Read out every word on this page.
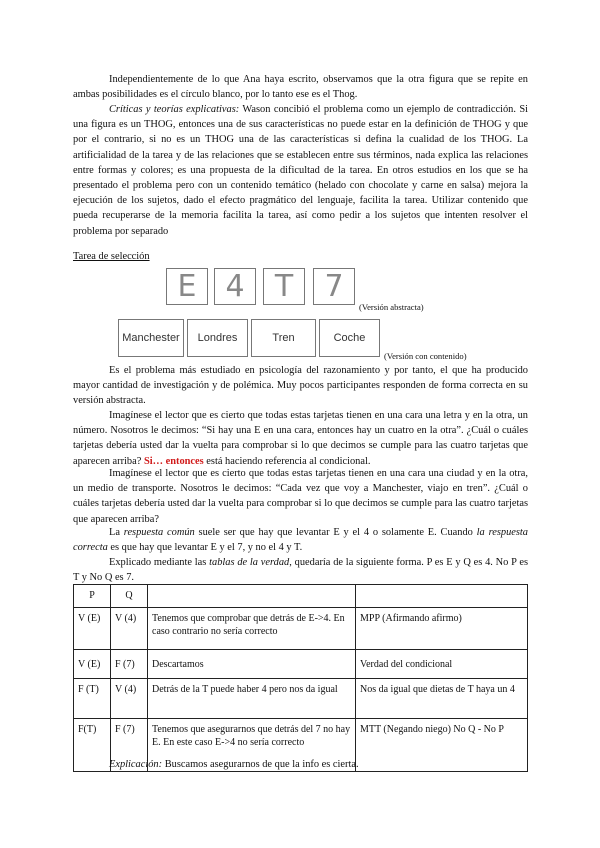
Independientemente de lo que Ana haya escrito, observamos que la otra figura que se repite en ambas posibilidades es el círculo blanco, por lo tanto ese es el Thog.

Críticas y teorías explicativas: Wason concibió el problema como un ejemplo de contradicción. Si una figura es un THOG, entonces una de sus características no puede estar en la definición de THOG y que por el contrario, si no es un THOG una de las características si defina la cualidad de los THOG. La artificialidad de la tarea y de las relaciones que se establecen entre sus términos, nada explica las relaciones entre formas y colores; es una propuesta de la dificultad de la tarea. En otros estudios en los que se ha presentado el problema pero con un contenido temático (helado con chocolate y carne en salsa) mejora la ejecución de los sujetos, dado el efecto pragmático del lenguaje, facilita la tarea. Utilizar contenido que pueda recuperarse de la memoria facilita la tarea, así como pedir a los sujetos que intenten resolver el problema por separado

Tarea de selección

E 4	T	7
(Versión abstracta)
Manchester	Londres	Tren	Coche
(Versión con contenido)

Es el problema más estudiado en psicología del razonamiento y por tanto, el que ha producido mayor cantidad de investigación y de polémica. Muy pocos participantes responden de forma correcta en su versión abstracta.

Imagínese el lector que es cierto que todas estas tarjetas tienen en una cara una letra y en la otra, un número. Nosotros le decimos: “Si hay una E en una cara, entonces hay un cuatro en la otra”. ¿Cuál o cuáles tarjetas debería usted dar la vuelta para comprobar si lo que decimos se cumple para las cuatro tarjetas que aparecen arriba? Si… entonces está haciendo referencia al condicional.

Imagínese el lector que es cierto que todas estas tarjetas tienen en una cara una ciudad y en la otra, un medio de transporte. Nosotros le decimos: “Cada vez que voy a Manchester, viajo en tren”. ¿Cuál o cuáles tarjetas debería usted dar la vuelta para comprobar si lo que decimos se cumple para las cuatro tarjetas que aparecen arriba?

La respuesta común suele ser que hay que levantar E y el 4 o solamente E. Cuando la respuesta correcta es que hay que levantar E y el 7, y no el 4 y T.

Explicado mediante las tablas de la verdad, quedaría de la siguiente forma. P es E y Q es 4. No P es T y No Q es 7.

P	Q		
V (E)	V (4)	Tenemos que comprobar que detrás de E->4. En caso contrario no sería correcto	MPP (Afirmando afirmo)
V (E)	F (7)	Descartamos	Verdad del condicional
F (T)	V (4)	Detrás de la T puede haber 4 pero nos da igual	Nos da igual que dietas de T haya un 4
F(T)	F (7)	Tenemos que asegurarnos que detrás del 7 no hay E. En este caso E->4 no sería correcto	MTT (Negando niego) No Q - No P

Explicación: Buscamos asegurarnos de que la info es cierta.
